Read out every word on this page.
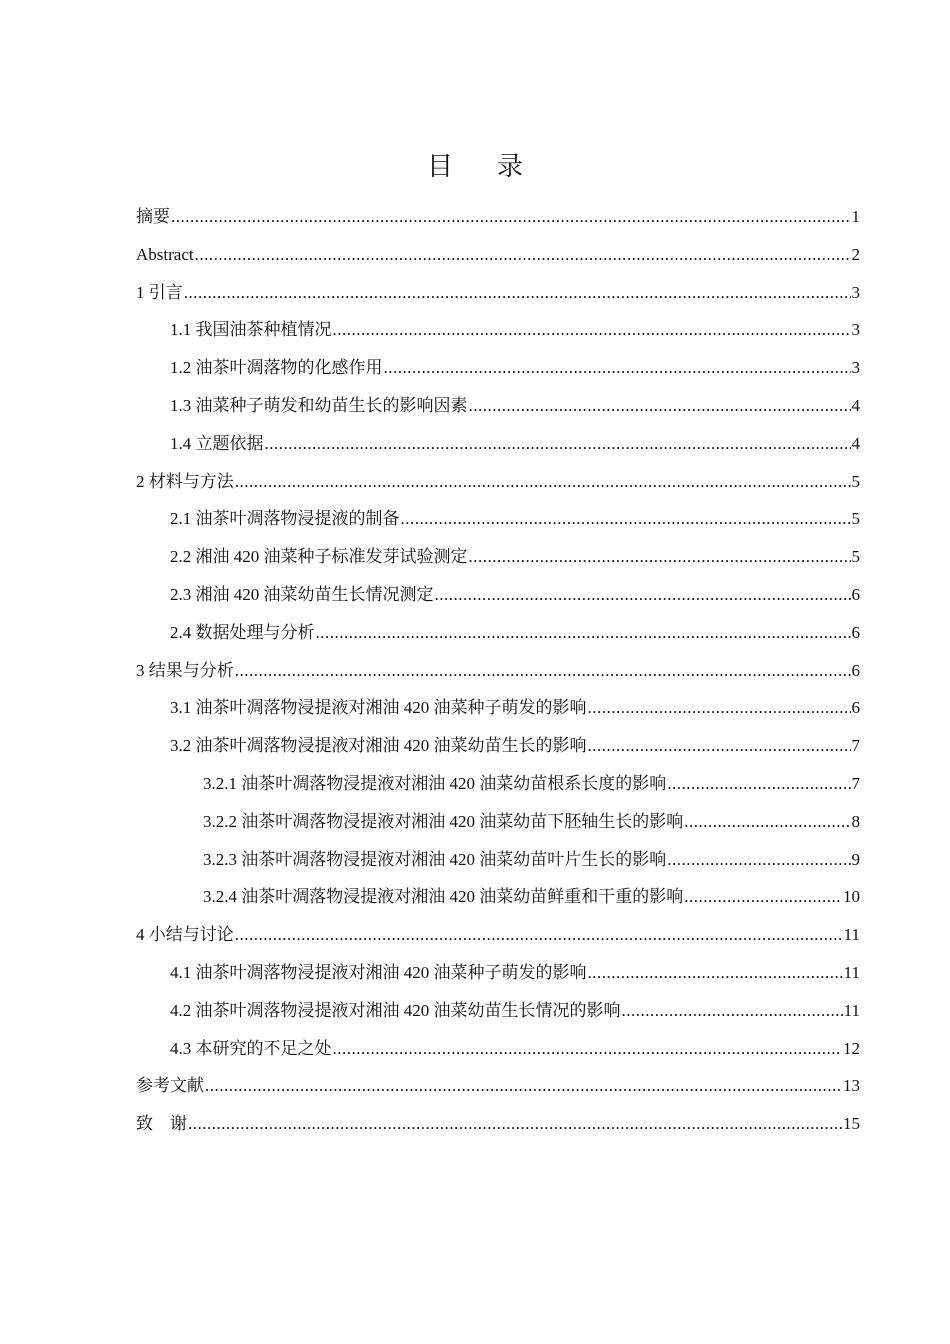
目 录
摘要 .....	1
Abstract .....	2
1 引言 .....	3
1.1 我国油茶种植情况 .....	3
1.2 油茶叶凋落物的化感作用 .....	3
1.3 油菜种子萌发和幼苗生长的影响因素 .....	4
1.4 立题依据 .....	4
2 材料与方法 .....	5
2.1 油茶叶凋落物浸提液的制备 .....	5
2.2 湘油 420 油菜种子标准发芽试验测定 .....	5
2.3 湘油 420 油菜幼苗生长情况测定 .....	6
2.4 数据处理与分析 .....	6
3 结果与分析 .....	6
3.1 油茶叶凋落物浸提液对湘油 420 油菜种子萌发的影响 .....	6
3.2 油茶叶凋落物浸提液对湘油 420 油菜幼苗生长的影响 .....	7
3.2.1 油茶叶凋落物浸提液对湘油 420 油菜幼苗根系长度的影响 .....	7
3.2.2 油茶叶凋落物浸提液对湘油 420 油菜幼苗下胚轴生长的影响 .....	8
3.2.3 油茶叶凋落物浸提液对湘油 420 油菜幼苗叶片生长的影响 .....	9
3.2.4 油茶叶凋落物浸提液对湘油 420 油菜幼苗鲜重和干重的影响 .....	10
4 小结与讨论 .....	11
4.1 油茶叶凋落物浸提液对湘油 420 油菜种子萌发的影响 .....	11
4.2 油茶叶凋落物浸提液对湘油 420 油菜幼苗生长情况的影响 .....	11
4.3 本研究的不足之处 .....	12
参考文献 .....	13
致　谢 .....	15
